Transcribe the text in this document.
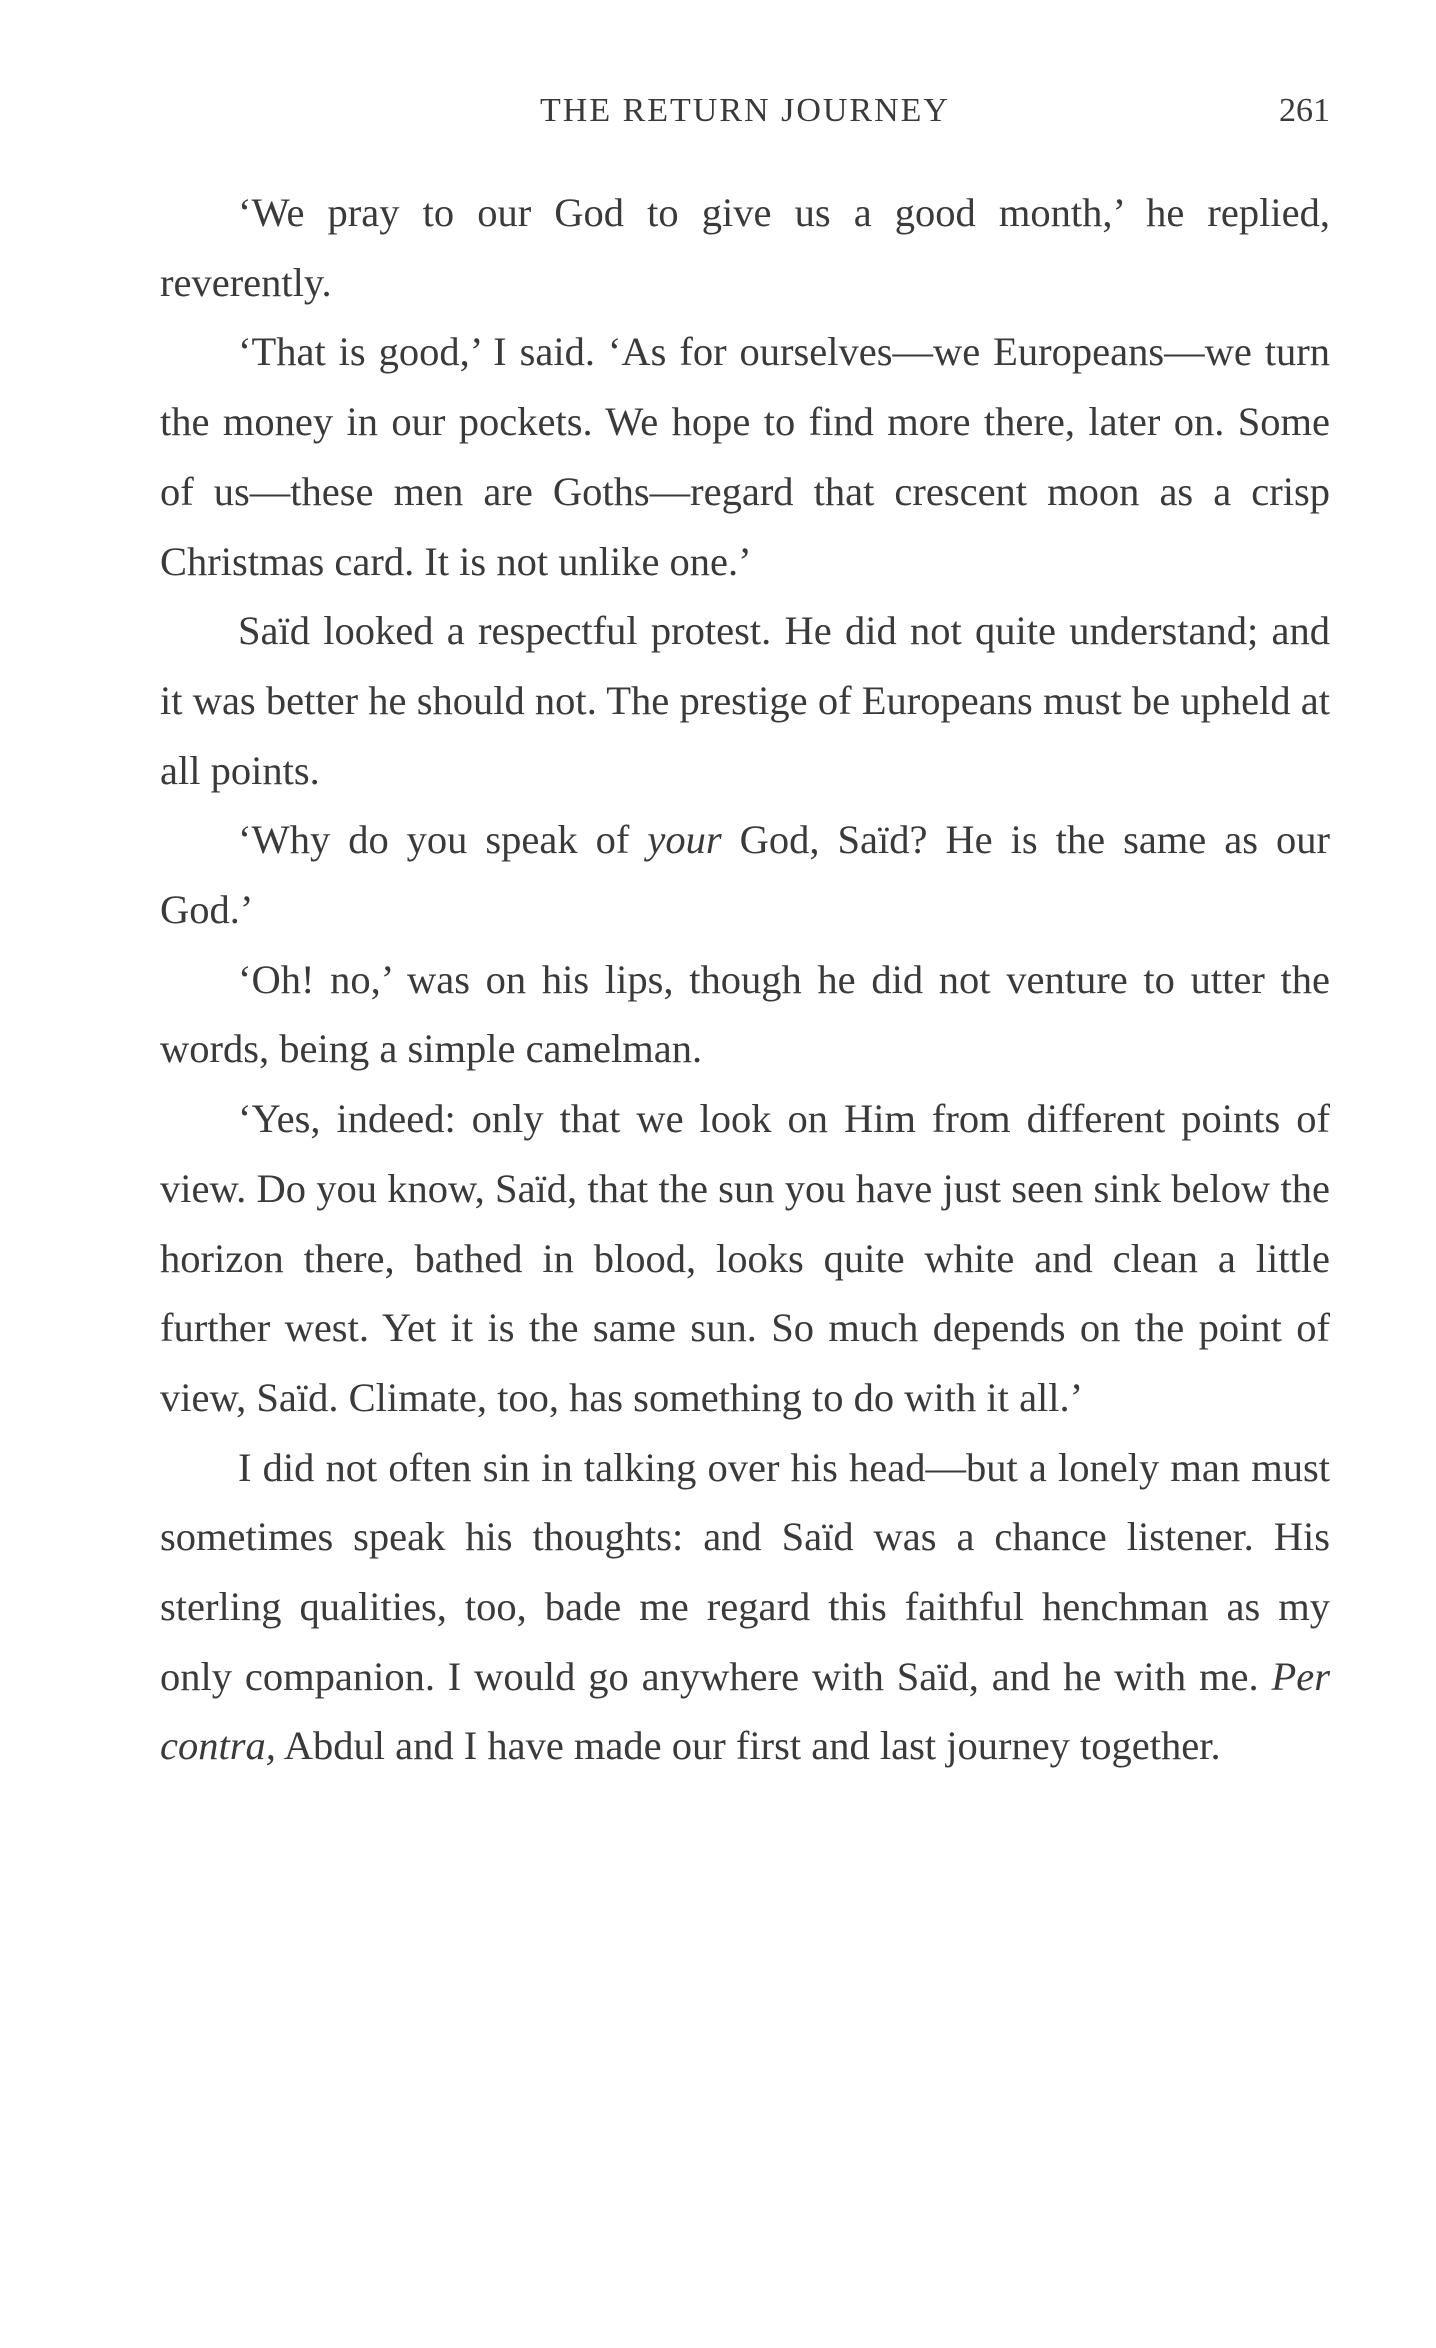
THE RETURN JOURNEY	261

‘We pray to our God to give us a good month,’ he replied, reverently.

‘That is good,’ I said. ‘As for ourselves—we Europeans—we turn the money in our pockets. We hope to find more there, later on. Some of us—these men are Goths—regard that crescent moon as a crisp Christmas card. It is not unlike one.’

Saïd looked a respectful protest. He did not quite understand; and it was better he should not. The prestige of Europeans must be upheld at all points.

‘Why do you speak of your God, Saïd? He is the same as our God.’

‘Oh! no,’ was on his lips, though he did not venture to utter the words, being a simple camelman.

‘Yes, indeed: only that we look on Him from different points of view. Do you know, Saïd, that the sun you have just seen sink below the horizon there, bathed in blood, looks quite white and clean a little further west. Yet it is the same sun. So much depends on the point of view, Saïd. Climate, too, has something to do with it all.’

I did not often sin in talking over his head—but a lonely man must sometimes speak his thoughts: and Saïd was a chance listener. His sterling qualities, too, bade me regard this faithful henchman as my only companion. I would go anywhere with Saïd, and he with me. Per contra, Abdul and I have made our first and last journey together.
